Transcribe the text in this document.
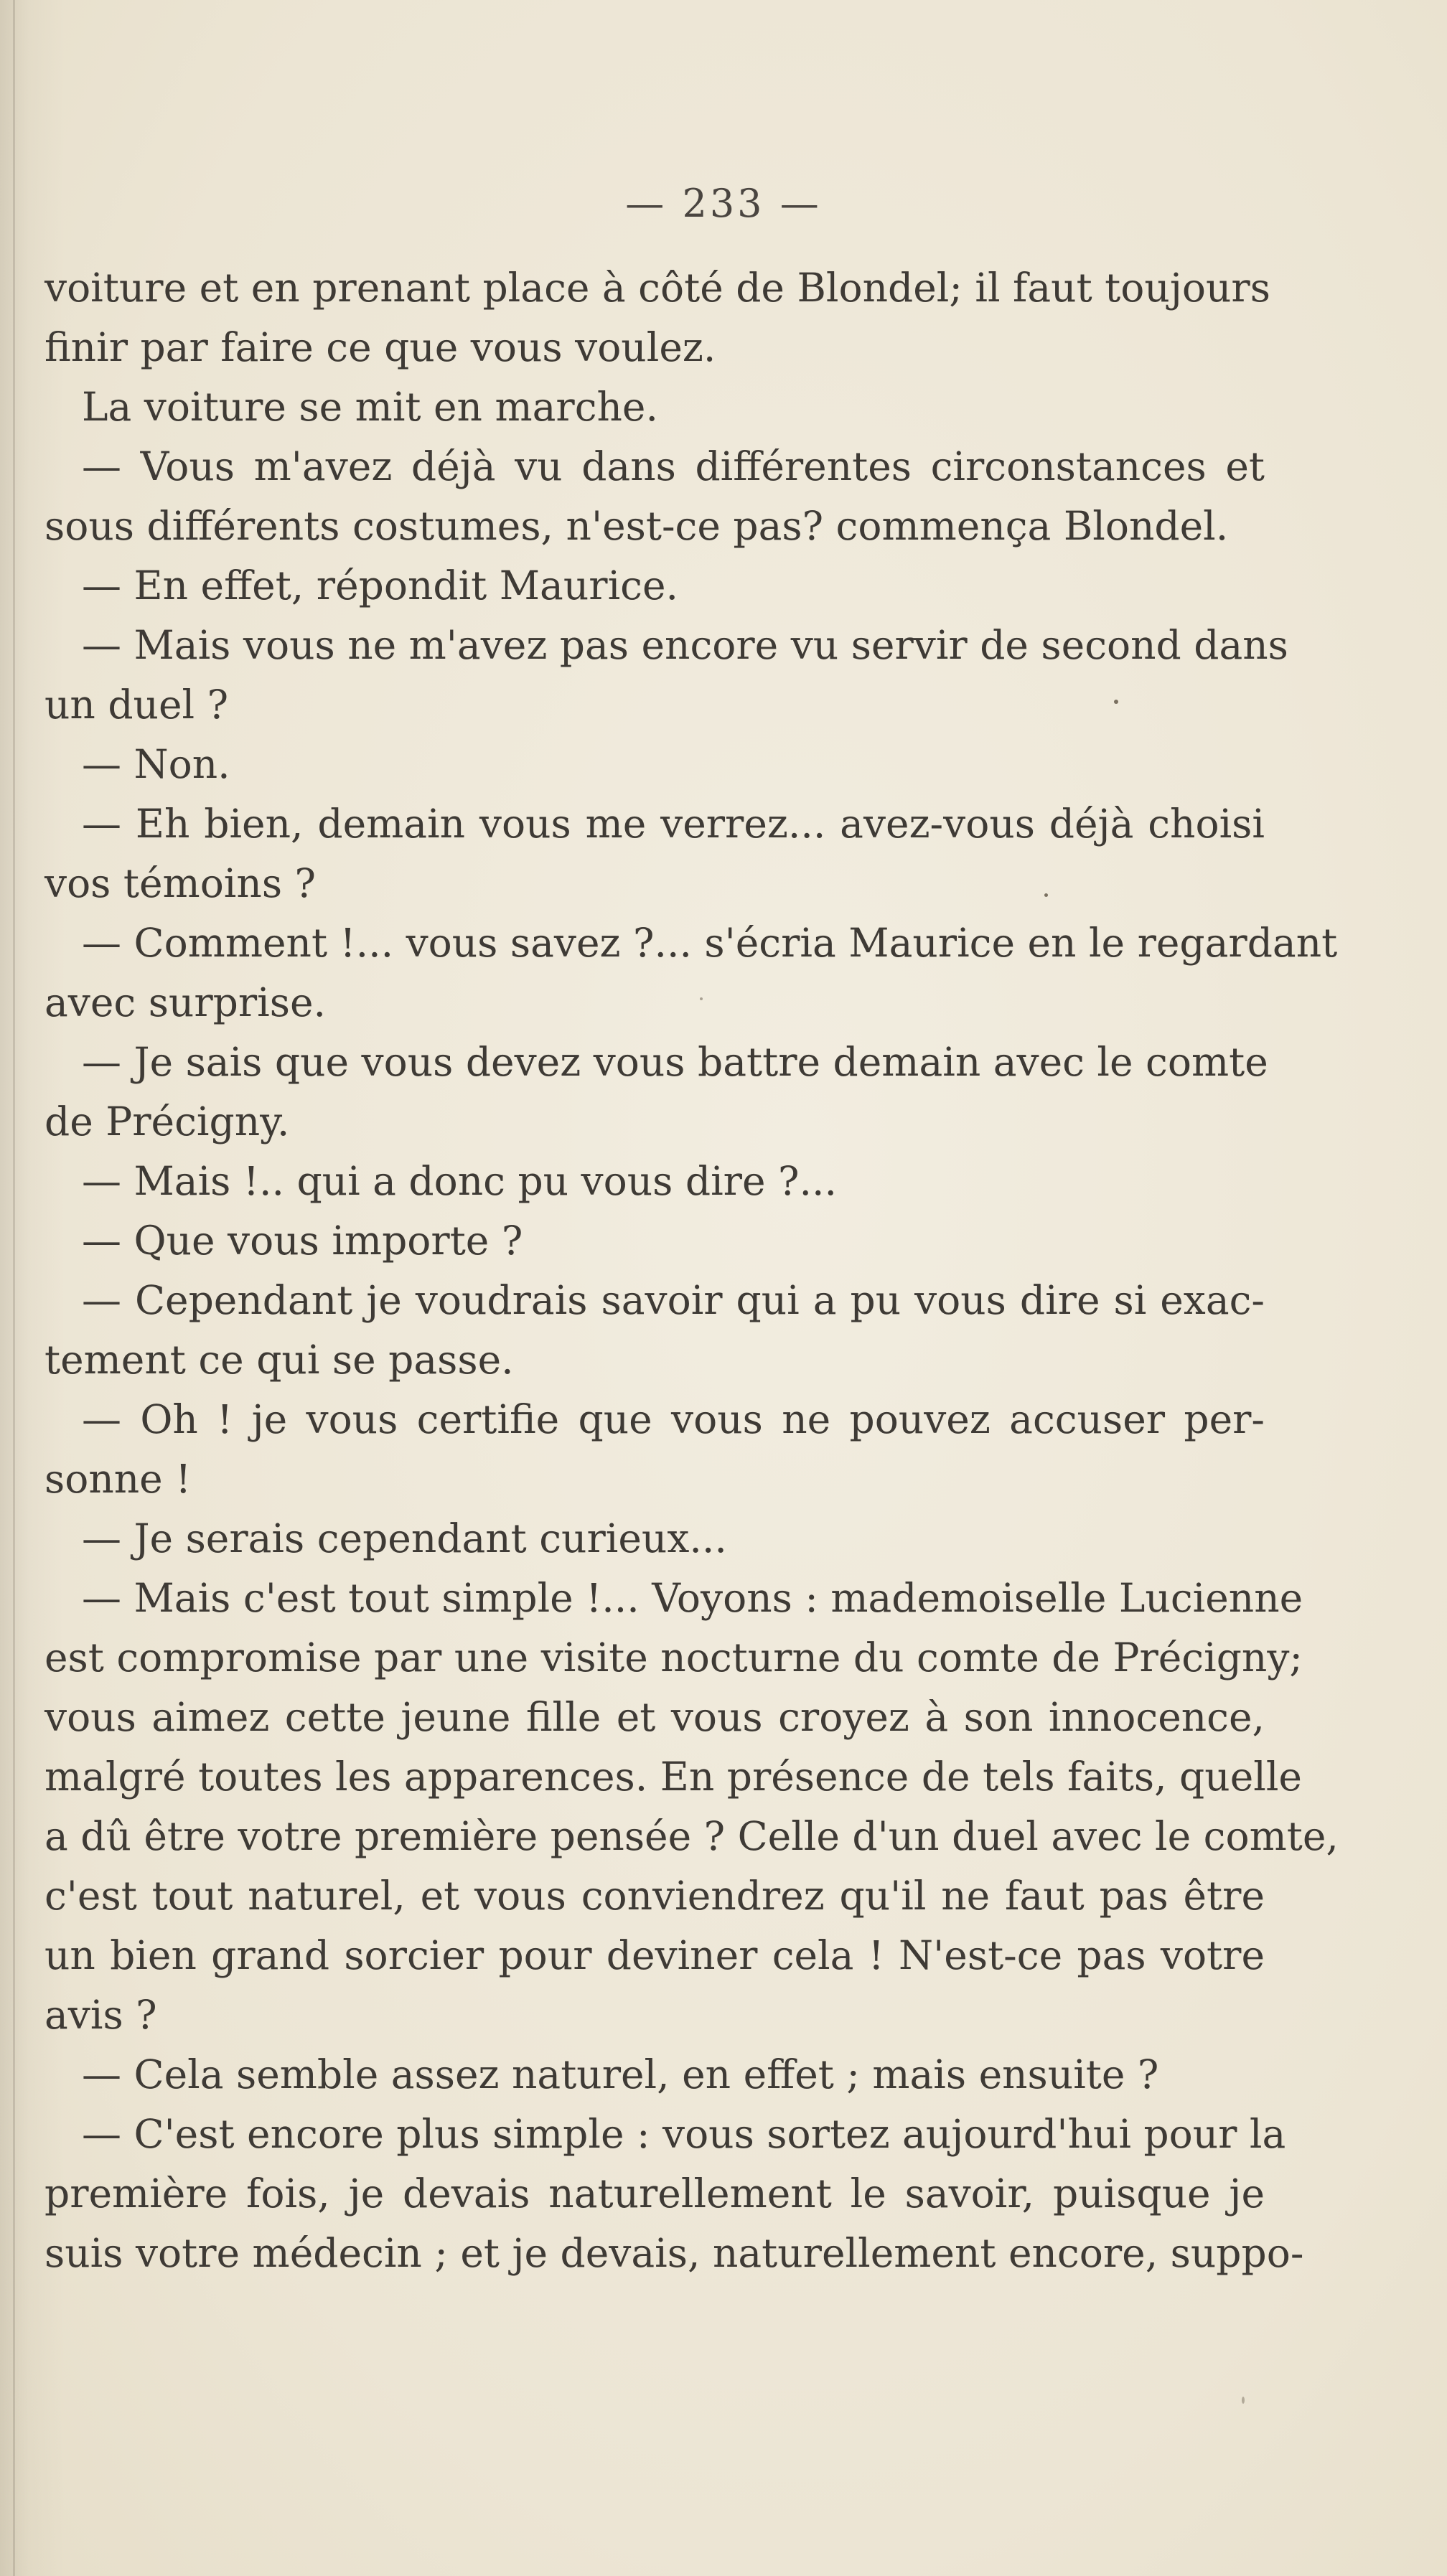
— 233 —
voiture et en prenant place à côté de Blondel; il faut toujours
finir par faire ce que vous voulez.
La voiture se mit en marche.
— Vous m'avez déjà vu dans différentes circonstances et
sous différents costumes, n'est-ce pas? commença Blondel.
— En effet, répondit Maurice.
— Mais vous ne m'avez pas encore vu servir de second dans
un duel ?
— Non.
— Eh bien, demain vous me verrez... avez-vous déjà choisi
vos témoins ?
— Comment !... vous savez ?... s'écria Maurice en le regardant
avec surprise.
— Je sais que vous devez vous battre demain avec le comte
de Précigny.
— Mais !.. qui a donc pu vous dire ?...
— Que vous importe ?
— Cependant je voudrais savoir qui a pu vous dire si exac-
tement ce qui se passe.
— Oh ! je vous certifie que vous ne pouvez accuser per-
sonne !
— Je serais cependant curieux...
— Mais c'est tout simple !... Voyons : mademoiselle Lucienne
est compromise par une visite nocturne du comte de Précigny;
vous aimez cette jeune fille et vous croyez à son innocence,
malgré toutes les apparences. En présence de tels faits, quelle
a dû être votre première pensée ? Celle d'un duel avec le comte,
c'est tout naturel, et vous conviendrez qu'il ne faut pas être
un bien grand sorcier pour deviner cela ! N'est-ce pas votre
avis ?
— Cela semble assez naturel, en effet ; mais ensuite ?
— C'est encore plus simple : vous sortez aujourd'hui pour la
première fois, je devais naturellement le savoir, puisque je
suis votre médecin ; et je devais, naturellement encore, suppo-
